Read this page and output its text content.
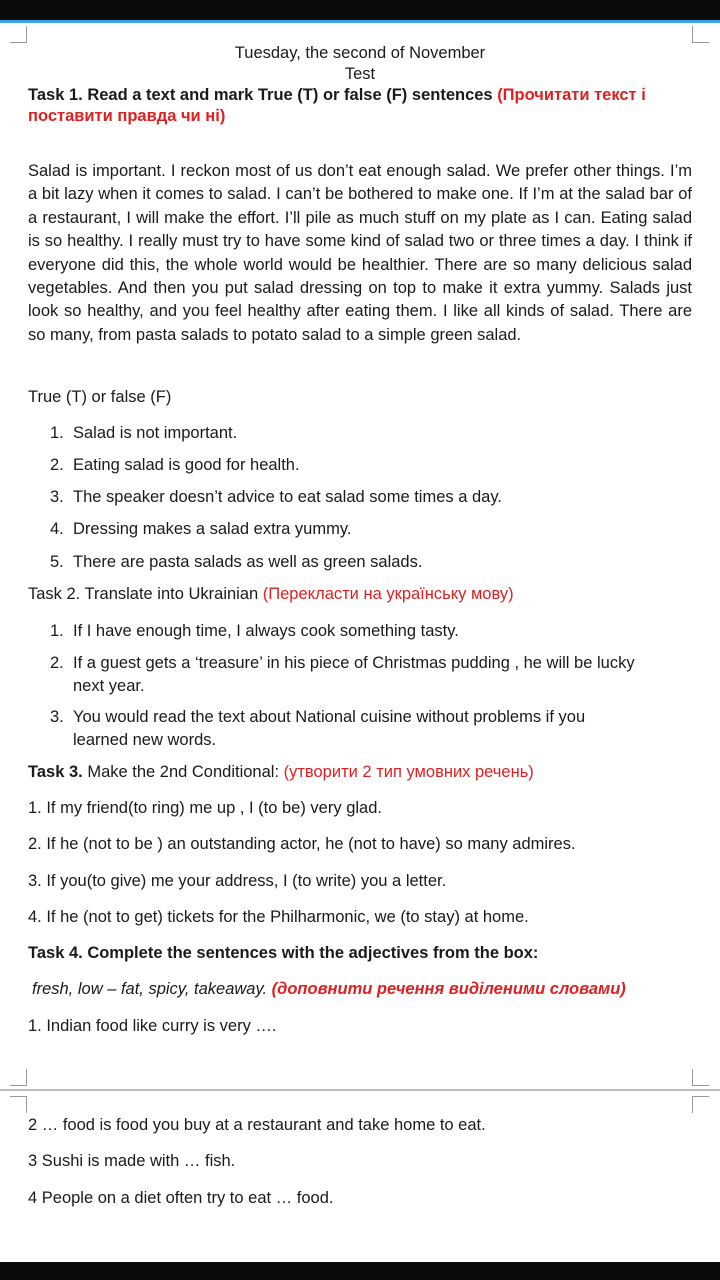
Tuesday, the second of November
Test
Task 1. Read a text and mark True (T) or false (F) sentences (Прочитати текст і
поставити правда чи ні)
Salad is important. I reckon most of us don’t eat enough salad. We prefer other things. I’m a bit lazy when it comes to salad. I can’t be bothered to make one. If I’m at the salad bar of a restaurant, I will make the effort. I’ll pile as much stuff on my plate as I can. Eating salad is so healthy. I really must try to have some kind of salad two or three times a day. I think if everyone did this, the whole world would be healthier. There are so many delicious salad vegetables. And then you put salad dressing on top to make it extra yummy. Salads just look so healthy, and you feel healthy after eating them. I like all kinds of salad. There are so many, from pasta salads to potato salad to a simple green salad.
True (T) or false (F)
1. Salad is not important.
2. Eating salad is good for health.
3. The speaker doesn’t advice to eat salad some times a day.
4. Dressing makes a salad extra yummy.
5. There are pasta salads as well as green salads.
Task 2. Translate into Ukrainian (Перекласти на українську мову)
1. If I have enough time, I always cook something tasty.
2. If a guest gets a ‘treasure’ in his piece of Christmas pudding , he will be lucky
next year.
3. You would read the text about National cuisine without problems if you
learned new words.
Task 3. Make the 2nd Conditional: (утворити 2 тип умовних речень)
1. If my friend(to ring) me up , I (to be) very glad.
2. If he (not to be ) an outstanding actor, he (not to have) so many admires.
3. If you(to give) me your address, I (to write) you a letter.
4. If he (not to get) tickets for the Philharmonic, we (to stay) at home.
Task 4. Complete the sentences with the adjectives from the box:
fresh, low – fat, spicy, takeaway. (доповнити речення виділеними словами)
1. Indian food like curry is very ….
2 … food is food you buy at a restaurant and take home to eat.
3 Sushi is made with … fish.
4 People on a diet often try to eat … food.
